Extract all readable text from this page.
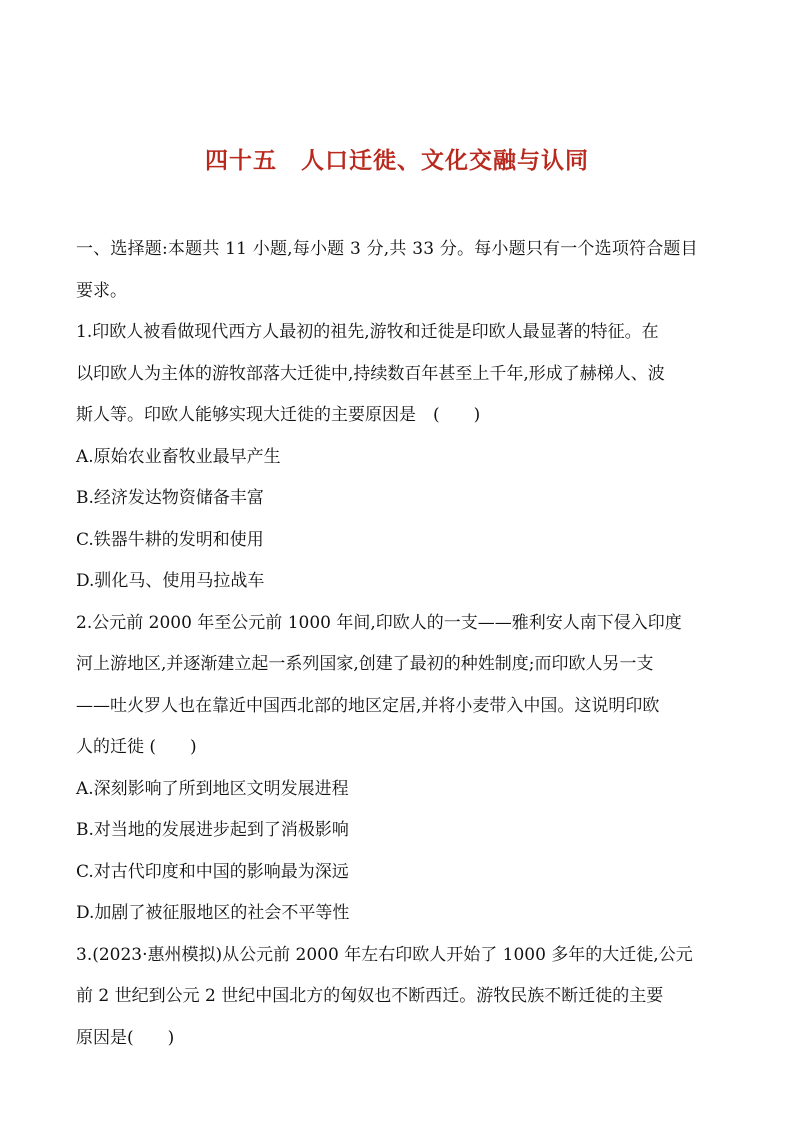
四十五　人口迁徙、文化交融与认同
一、选择题:本题共 11 小题,每小题 3 分,共 33 分。每小题只有一个选项符合题目
要求。
1.印欧人被看做现代西方人最初的祖先,游牧和迁徙是印欧人最显著的特征。在
以印欧人为主体的游牧部落大迁徙中,持续数百年甚至上千年,形成了赫梯人、波
斯人等。印欧人能够实现大迁徙的主要原因是　(　　)
A.原始农业畜牧业最早产生
B.经济发达物资储备丰富
C.铁器牛耕的发明和使用
D.驯化马、使用马拉战车
2.公元前 2000 年至公元前 1000 年间,印欧人的一支——雅利安人南下侵入印度
河上游地区,并逐渐建立起一系列国家,创建了最初的种姓制度;而印欧人另一支
——吐火罗人也在靠近中国西北部的地区定居,并将小麦带入中国。这说明印欧
人的迁徙 (　　)
A.深刻影响了所到地区文明发展进程
B.对当地的发展进步起到了消极影响
C.对古代印度和中国的影响最为深远
D.加剧了被征服地区的社会不平等性
3.(2023·惠州模拟)从公元前 2000 年左右印欧人开始了 1000 多年的大迁徙,公元
前 2 世纪到公元 2 世纪中国北方的匈奴也不断西迁。游牧民族不断迁徙的主要
原因是(　　)
